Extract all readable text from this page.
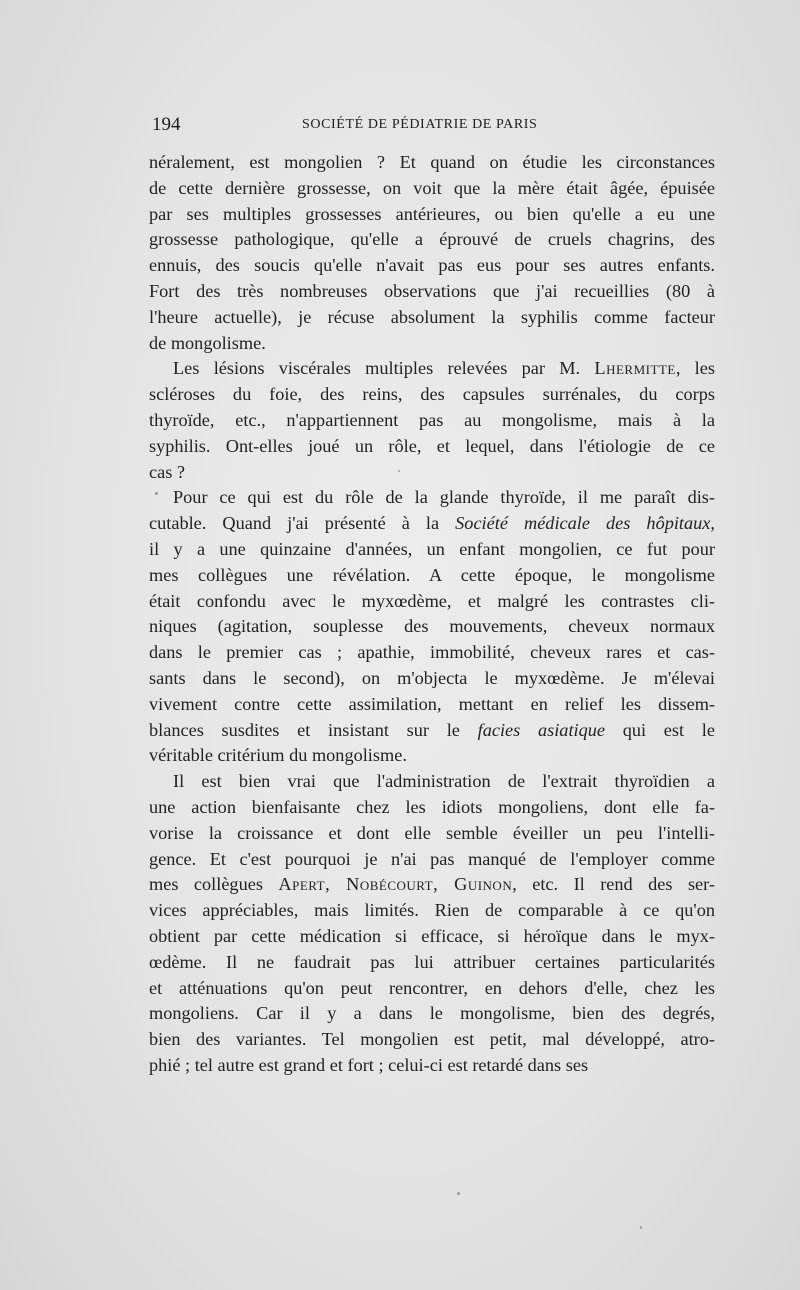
194	SOCIÉTÉ DE PÉDIATRIE DE PARIS
néralement, est mongolien ? Et quand on étudie les circonstances
de cette dernière grossesse, on voit que la mère était âgée, épuisée
par ses multiples grossesses antérieures, ou bien qu'elle a eu une
grossesse pathologique, qu'elle a éprouvé de cruels chagrins, des
ennuis, des soucis qu'elle n'avait pas eus pour ses autres enfants.
Fort des très nombreuses observations que j'ai recueillies (80 à
l'heure actuelle), je récuse absolument la syphilis comme facteur
de mongolisme.
Les lésions viscérales multiples relevées par M. Lhermitte, les
scléroses du foie, des reins, des capsules surrénales, du corps
thyroïde, etc., n'appartiennent pas au mongolisme, mais à la
syphilis. Ont-elles joué un rôle, et lequel, dans l'étiologie de ce
cas ?
Pour ce qui est du rôle de la glande thyroïde, il me paraît dis-
cutable. Quand j'ai présenté à la Société médicale des hôpitaux,
il y a une quinzaine d'années, un enfant mongolien, ce fut pour
mes collègues une révélation. A cette époque, le mongolisme
était confondu avec le myxœdème, et malgré les contrastes cli-
niques (agitation, souplesse des mouvements, cheveux normaux
dans le premier cas ; apathie, immobilité, cheveux rares et cas-
sants dans le second), on m'objecta le myxœdème. Je m'élevai
vivement contre cette assimilation, mettant en relief les dissem-
blances susdites et insistant sur le facies asiatique qui est le
véritable critérium du mongolisme.
Il est bien vrai que l'administration de l'extrait thyroïdien a
une action bienfaisante chez les idiots mongoliens, dont elle fa-
vorise la croissance et dont elle semble éveiller un peu l'intelli-
gence. Et c'est pourquoi je n'ai pas manqué de l'employer comme
mes collègues Apert, Nobécourt, Guinon, etc. Il rend des ser-
vices appréciables, mais limités. Rien de comparable à ce qu'on
obtient par cette médication si efficace, si héroïque dans le myx-
œdème. Il ne faudrait pas lui attribuer certaines particularités
et atténuations qu'on peut rencontrer, en dehors d'elle, chez les
mongoliens. Car il y a dans le mongolisme, bien des degrés,
bien des variantes. Tel mongolien est petit, mal développé, atro-
phié ; tel autre est grand et fort ; celui-ci est retardé dans ses
